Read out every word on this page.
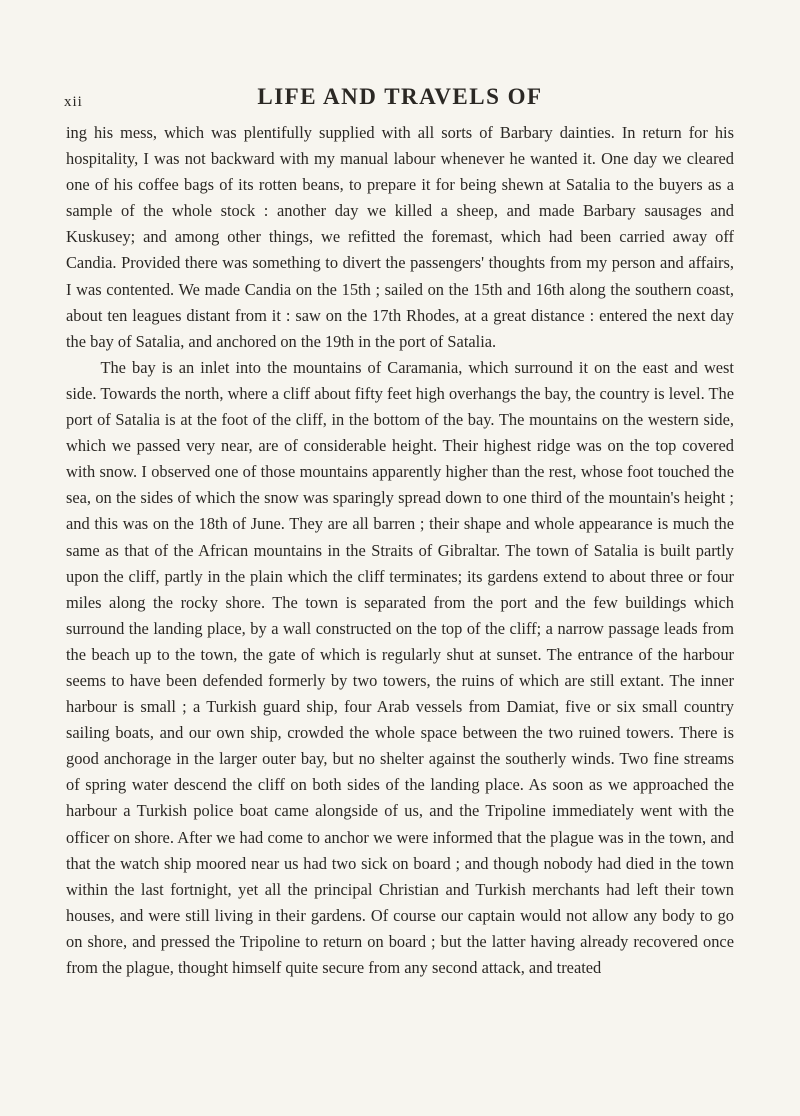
xii	LIFE AND TRAVELS OF

ing his mess, which was plentifully supplied with all sorts of Barbary dainties. In return for his hospitality, I was not backward with my manual labour whenever he wanted it. One day we cleared one of his coffee bags of its rotten beans, to prepare it for being shewn at Satalia to the buyers as a sample of the whole stock : another day we killed a sheep, and made Barbary sausages and Kuskusey; and among other things, we refitted the foremast, which had been carried away off Candia. Provided there was something to divert the passengers' thoughts from my person and affairs, I was contented. We made Candia on the 15th ; sailed on the 15th and 16th along the southern coast, about ten leagues distant from it : saw on the 17th Rhodes, at a great distance : entered the next day the bay of Satalia, and anchored on the 19th in the port of Satalia.

The bay is an inlet into the mountains of Caramania, which surround it on the east and west side. Towards the north, where a cliff about fifty feet high overhangs the bay, the country is level. The port of Satalia is at the foot of the cliff, in the bottom of the bay. The mountains on the western side, which we passed very near, are of considerable height. Their highest ridge was on the top covered with snow. I observed one of those mountains apparently higher than the rest, whose foot touched the sea, on the sides of which the snow was sparingly spread down to one third of the mountain's height ; and this was on the 18th of June. They are all barren ; their shape and whole appearance is much the same as that of the African mountains in the Straits of Gibraltar. The town of Satalia is built partly upon the cliff, partly in the plain which the cliff terminates; its gardens extend to about three or four miles along the rocky shore. The town is separated from the port and the few buildings which surround the landing place, by a wall constructed on the top of the cliff; a narrow passage leads from the beach up to the town, the gate of which is regularly shut at sunset. The entrance of the harbour seems to have been defended formerly by two towers, the ruins of which are still extant. The inner harbour is small ; a Turkish guard ship, four Arab vessels from Damiat, five or six small country sailing boats, and our own ship, crowded the whole space between the two ruined towers. There is good anchorage in the larger outer bay, but no shelter against the southerly winds. Two fine streams of spring water descend the cliff on both sides of the landing place. As soon as we approached the harbour a Turkish police boat came alongside of us, and the Tripoline immediately went with the officer on shore. After we had come to anchor we were informed that the plague was in the town, and that the watch ship moored near us had two sick on board ; and though nobody had died in the town within the last fortnight, yet all the principal Christian and Turkish merchants had left their town houses, and were still living in their gardens. Of course our captain would not allow any body to go on shore, and pressed the Tripoline to return on board ; but the latter having already recovered once from the plague, thought himself quite secure from any second attack, and treated
